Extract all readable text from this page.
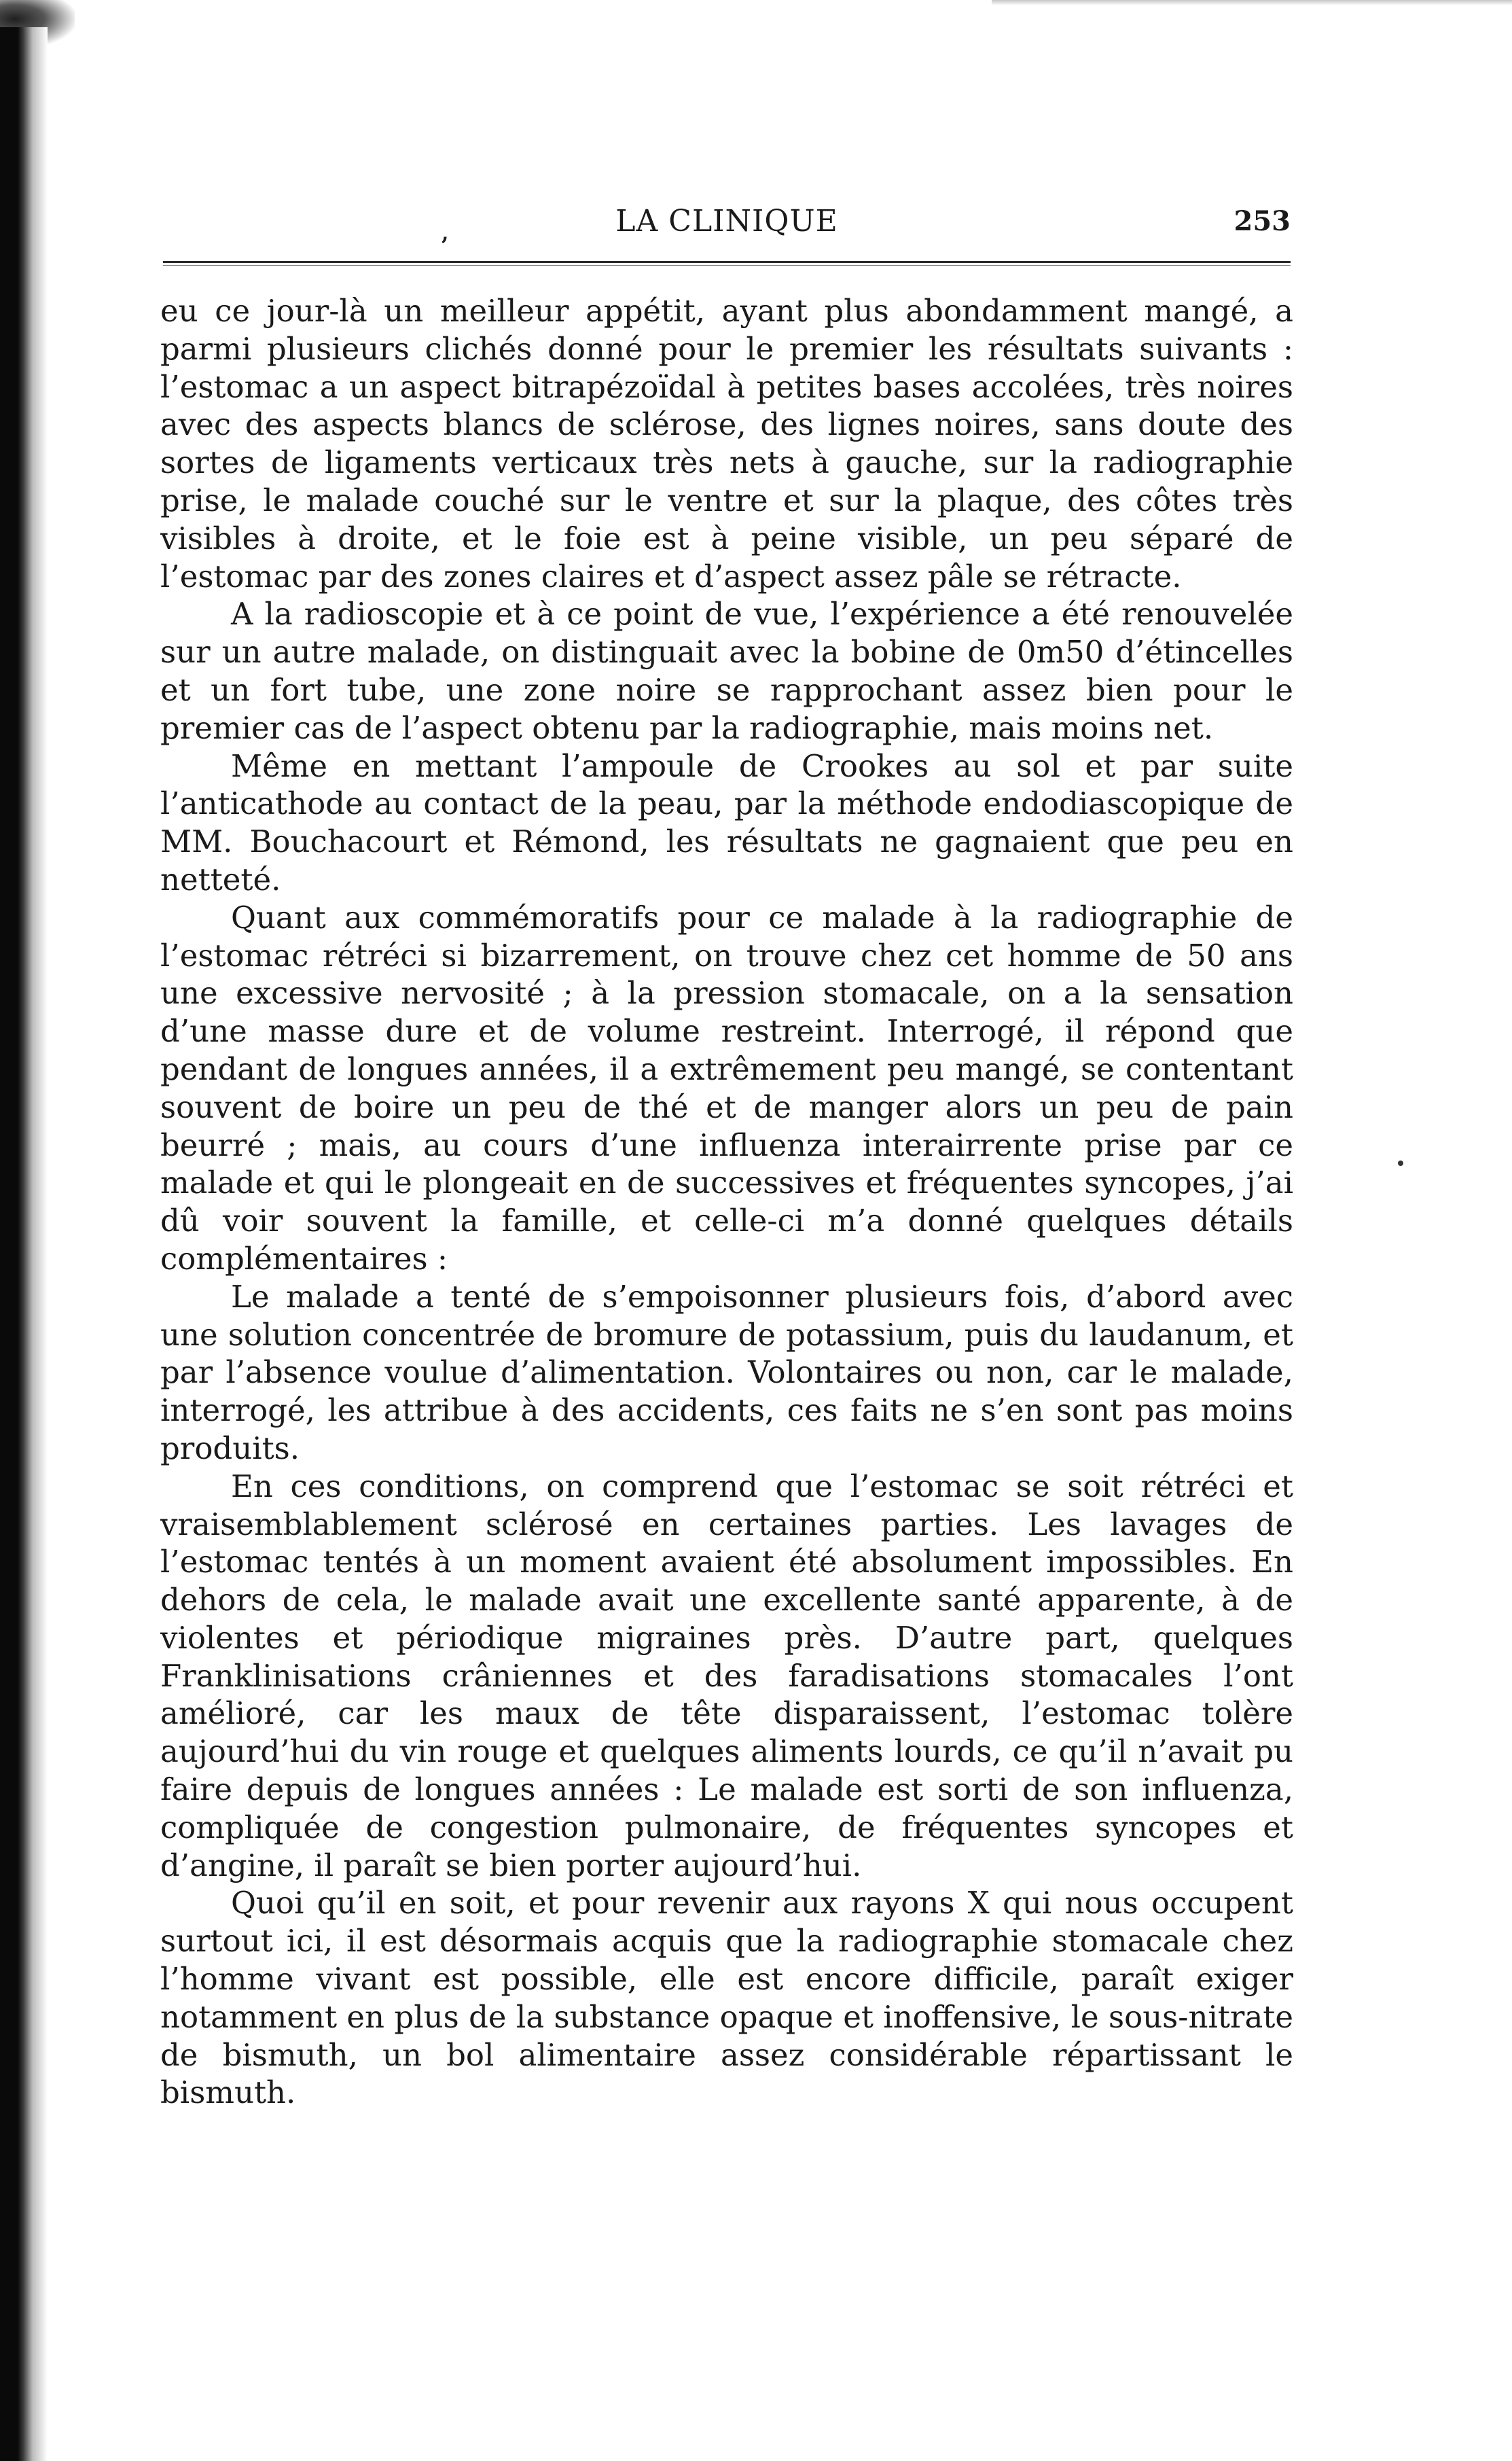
,	LA CLINIQUE	253

eu ce jour-là un meilleur appétit, ayant plus abondamment mangé, a parmi plusieurs clichés donné pour le premier les résultats suivants : l’estomac a un aspect bitrapézoïdal à petites bases accolées, très noires avec des aspects blancs de sclérose, des lignes noires, sans doute des sortes de ligaments verticaux très nets à gauche, sur la radiographie prise, le malade couché sur le ventre et sur la plaque, des côtes très visibles à droite, et le foie est à peine visible, un peu séparé de l’estomac par des zones claires et d’aspect assez pâle se rétracte.

A la radioscopie et à ce point de vue, l’expérience a été renouvelée sur un autre malade, on distinguait avec la bobine de 0m50 d’étincelles et un fort tube, une zone noire se rapprochant assez bien pour le premier cas de l’aspect obtenu par la radiographie, mais moins net.

Même en mettant l’ampoule de Crookes au sol et par suite l’anticathode au contact de la peau, par la méthode endodiascopique de MM. Bouchacourt et Rémond, les résultats ne gagnaient que peu en netteté.

Quant aux commémoratifs pour ce malade à la radiographie de l’estomac rétréci si bizarrement, on trouve chez cet homme de 50 ans une excessive nervosité ; à la pression stomacale, on a la sensation d’une masse dure et de volume restreint. Interrogé, il répond que pendant de longues années, il a extrêmement peu mangé, se contentant souvent de boire un peu de thé et de manger alors un peu de pain beurré ; mais, au cours d’une influenza interairrente prise par ce malade et qui le plongeait en de successives et fréquentes syncopes, j’ai dû voir souvent la famille, et celle-ci m’a donné quelques détails complémentaires :

Le malade a tenté de s’empoisonner plusieurs fois, d’abord avec une solution concentrée de bromure de potassium, puis du laudanum, et par l’absence voulue d’alimentation. Volontaires ou non, car le malade, interrogé, les attribue à des accidents, ces faits ne s’en sont pas moins produits.

En ces conditions, on comprend que l’estomac se soit rétréci et vraisemblablement sclérosé en certaines parties. Les lavages de l’estomac tentés à un moment avaient été absolument impossibles. En dehors de cela, le malade avait une excellente santé apparente, à de violentes et périodique migraines près. D’autre part, quelques Franklinisations crâniennes et des faradisations stomacales l’ont amélioré, car les maux de tête disparaissent, l’estomac tolère aujourd’hui du vin rouge et quelques aliments lourds, ce qu’il n’avait pu faire depuis de longues années : Le malade est sorti de son influenza, compliquée de congestion pulmonaire, de fréquentes syncopes et d’angine, il paraît se bien porter aujourd’hui.

Quoi qu’il en soit, et pour revenir aux rayons X qui nous occupent surtout ici, il est désormais acquis que la radiographie stomacale chez l’homme vivant est possible, elle est encore difficile, paraît exiger notamment en plus de la substance opaque et inoffensive, le sous-nitrate de bismuth, un bol alimentaire assez considérable répartissant le bismuth.
